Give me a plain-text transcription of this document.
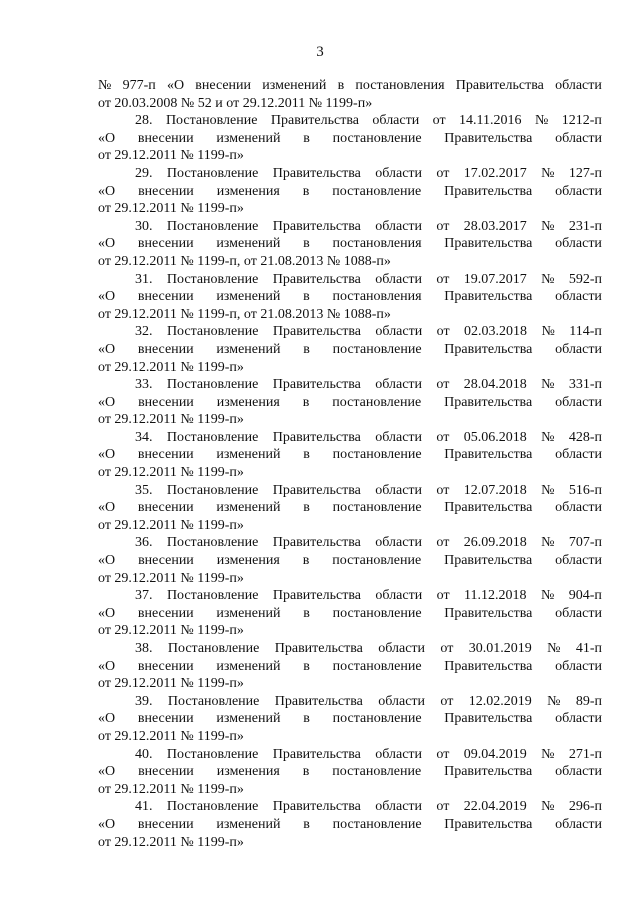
3
№ 977-п «О внесении изменений в постановления Правительства области
от 20.03.2008 № 52 и от 29.12.2011 № 1199-п»
28. Постановление Правительства области от 14.11.2016 № 1212-п
«О внесении изменений в постановление Правительства области
от 29.12.2011 № 1199-п»
29. Постановление Правительства области от 17.02.2017 № 127-п
«О внесении изменения в постановление Правительства области
от 29.12.2011 № 1199-п»
30. Постановление Правительства области от 28.03.2017 № 231-п
«О внесении изменений в постановления Правительства области
от 29.12.2011 № 1199-п, от 21.08.2013 № 1088-п»
31. Постановление Правительства области от 19.07.2017 № 592-п
«О внесении изменений в постановления Правительства области
от 29.12.2011 № 1199-п, от 21.08.2013 № 1088-п»
32. Постановление Правительства области от 02.03.2018 № 114-п
«О внесении изменений в постановление Правительства области
от 29.12.2011 № 1199-п»
33. Постановление Правительства области от 28.04.2018 № 331-п
«О внесении изменения в постановление Правительства области
от 29.12.2011 № 1199-п»
34. Постановление Правительства области от 05.06.2018 № 428-п
«О внесении изменений в постановление Правительства области
от 29.12.2011 № 1199-п»
35. Постановление Правительства области от 12.07.2018 № 516-п
«О внесении изменений в постановление Правительства области
от 29.12.2011 № 1199-п»
36. Постановление Правительства области от 26.09.2018 № 707-п
«О внесении изменения в постановление Правительства области
от 29.12.2011 № 1199-п»
37. Постановление Правительства области от 11.12.2018 № 904-п
«О внесении изменений в постановление Правительства области
от 29.12.2011 № 1199-п»
38. Постановление Правительства области от 30.01.2019 № 41-п
«О внесении изменений в постановление Правительства области
от 29.12.2011 № 1199-п»
39. Постановление Правительства области от 12.02.2019 № 89-п
«О внесении изменений в постановление Правительства области
от 29.12.2011 № 1199-п»
40. Постановление Правительства области от 09.04.2019 № 271-п
«О внесении изменения в постановление Правительства области
от 29.12.2011 № 1199-п»
41. Постановление Правительства области от 22.04.2019 № 296-п
«О внесении изменений в постановление Правительства области
от 29.12.2011 № 1199-п»
